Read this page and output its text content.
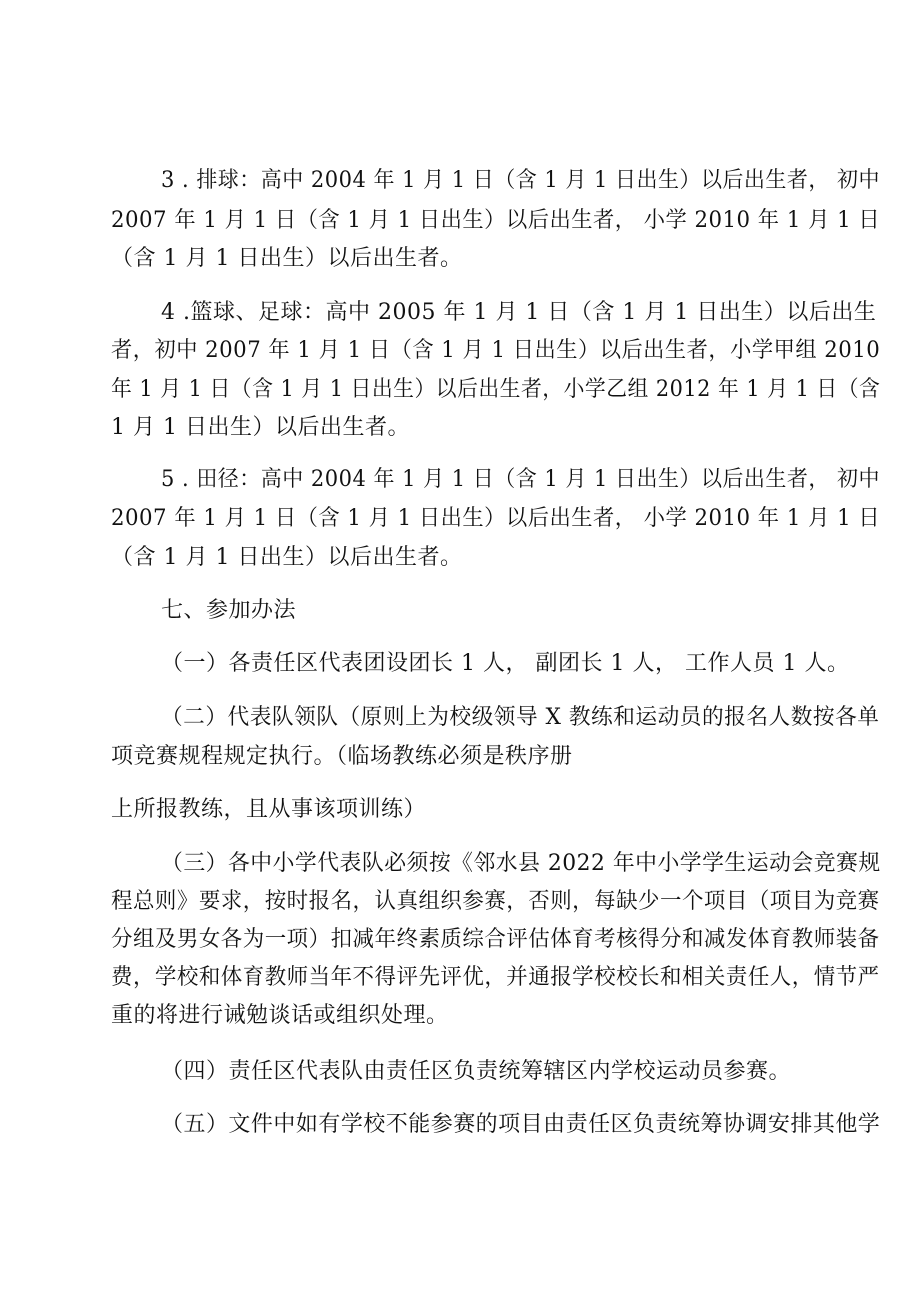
3 . 排球：高中 2004 年 1 月 1 日（含 1 月 1 日出生）以后出生者， 初中
2007 年 1 月 1 日（含 1 月 1 日出生）以后出生者， 小学 2010 年 1 月 1 日
（含 1 月 1 日出生）以后出生者。
4 .篮球、足球：高中 2005 年 1 月 1 日（含 1 月 1 日出生）以后出生
者，初中 2007 年 1 月 1 日（含 1 月 1 日出生）以后出生者，小学甲组 2010
年 1 月 1 日（含 1 月 1 日出生）以后出生者，小学乙组 2012 年 1 月 1 日（含
1 月 1 日出生）以后出生者。
5 . 田径：高中 2004 年 1 月 1 日（含 1 月 1 日出生）以后出生者， 初中
2007 年 1 月 1 日（含 1 月 1 日出生）以后出生者， 小学 2010 年 1 月 1 日
（含 1 月 1 日出生）以后出生者。
七、参加办法
（一）各责任区代表团设团长 1 人， 副团长 1 人， 工作人员 1 人。
（二）代表队领队（原则上为校级领导 X 教练和运动员的报名人数按各单
项竞赛规程规定执行。（临场教练必须是秩序册
上所报教练，且从事该项训练）
（三）各中小学代表队必须按《邻水县 2022 年中小学学生运动会竞赛规
程总则》要求，按时报名，认真组织参赛，否则，每缺少一个项目（项目为竞赛
分组及男女各为一项）扣减年终素质综合评估体育考核得分和减发体育教师装备
费，学校和体育教师当年不得评先评优，并通报学校校长和相关责任人，情节严
重的将进行诫勉谈话或组织处理。
（四）责任区代表队由责任区负责统筹辖区内学校运动员参赛。
（五）文件中如有学校不能参赛的项目由责任区负责统筹协调安排其他学
